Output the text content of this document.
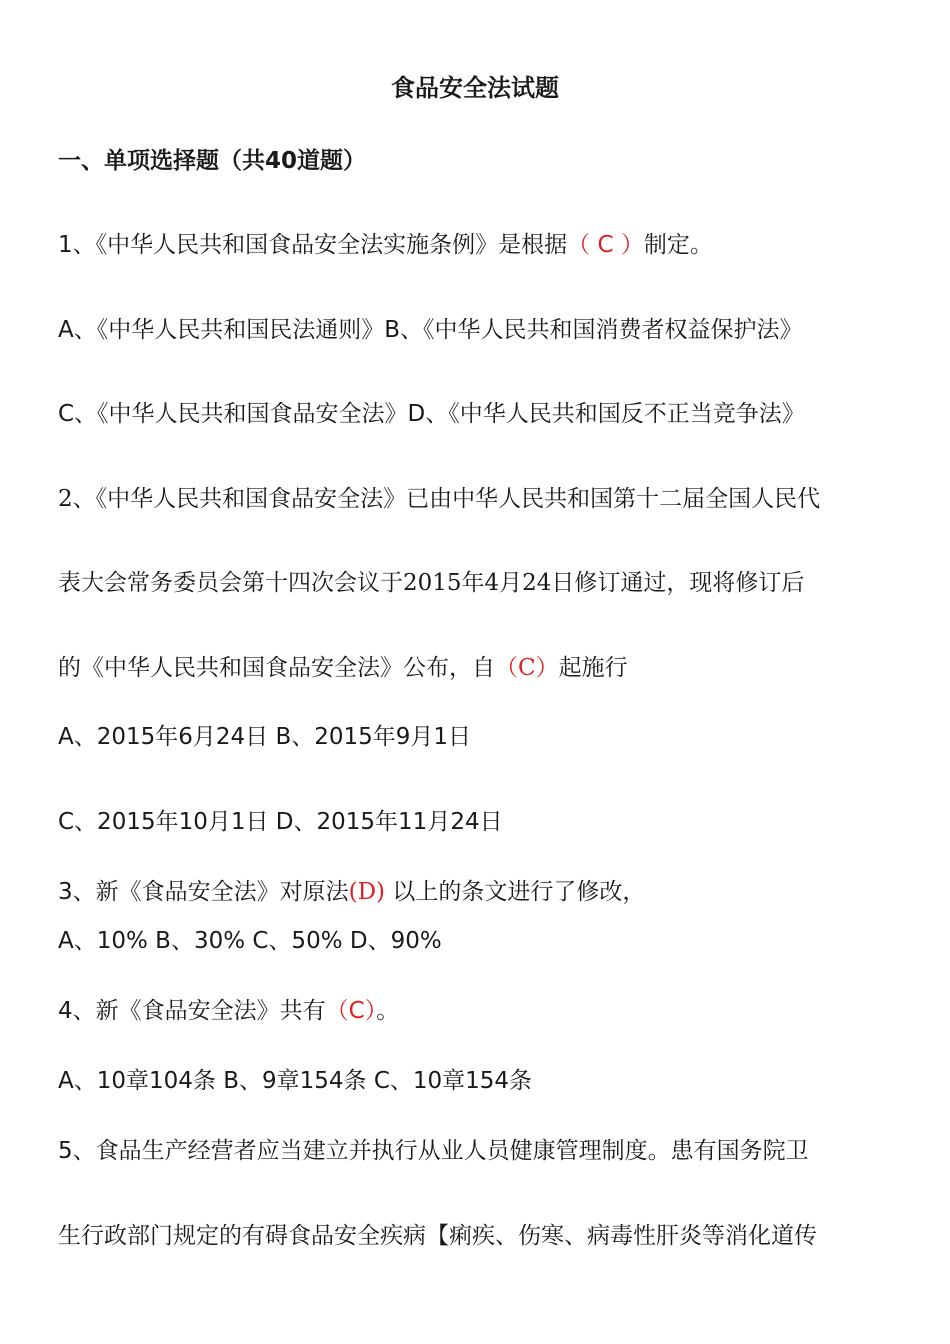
食品安全法试题
一、单项选择题（共40道题）
1、《中华人民共和国食品安全法实施条例》是根据（ C ）制定。
A、《中华人民共和国民法通则》B、《中华人民共和国消费者权益保护法》
C、《中华人民共和国食品安全法》D、《中华人民共和国反不正当竞争法》
2、《中华人民共和国食品安全法》已由中华人民共和国第十二届全国人民代
表大会常务委员会第十四次会议于2015年4月24日修订通过，现将修订后
的《中华人民共和国食品安全法》公布，自（C）起施行
A、2015年6月24日 B、2015年9月1日
C、2015年10月1日 D、2015年11月24日
3、新《食品安全法》对原法(D) 以上的条文进行了修改，
A、10% B、30% C、50% D、90%
4、新《食品安全法》共有（C）。
A、10章104条 B、9章154条 C、10章154条
5、食品生产经营者应当建立并执行从业人员健康管理制度。患有国务院卫
生行政部门规定的有碍食品安全疾病【痢疾、伤寒、病毒性肝炎等消化道传
